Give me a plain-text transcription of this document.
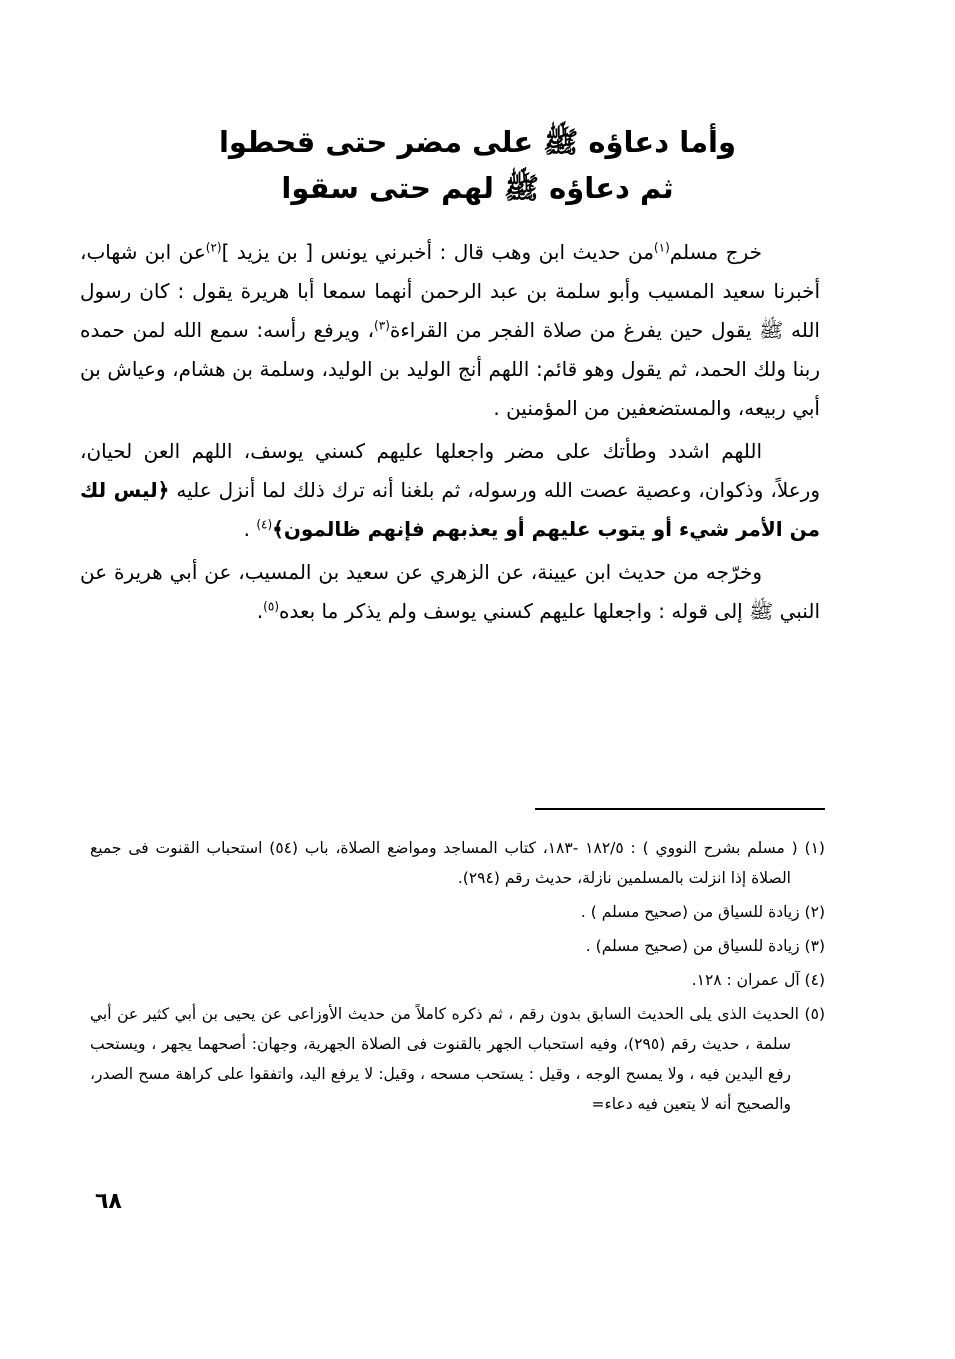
وأما دعاؤه ﷺ على مضر حتى قحطوا
ثم دعاؤه ﷺ لهم حتى سقوا

خرج مسلم$^{(١)}$من حديث ابن وهب قال : أخبرني يونس [ بن يزيد ]$^{(٢)}$عن ابن شهاب، أخبرنا سعيد المسيب وأبو سلمة بن عبد الرحمن أنهما سمعا أبا هريرة يقول : كان رسول الله ﷺ يقول حين يفرغ من صلاة الفجر من القراءة$^{(٣)}$، ويرفع رأسه: سمع الله لمن حمده ربنا ولك الحمد، ثم يقول وهو قائم: اللهم أنج الوليد بن الوليد، وسلمة بن هشام، وعياش بن أبي ربيعه، والمستضعفين من المؤمنين .

اللهم اشدد وطأتك على مضر واجعلها عليهم كسني يوسف، اللهم العن لحيان، ورعلاً، وذكوان، وعصية عصت الله ورسوله، ثم بلغنا أنه ترك ذلك لما أنزل عليه ﴿ليس لك من الأمر شيء أو يتوب عليهم أو يعذبهم فإنهم ظالمون﴾$^{(٤)}$ .

وخرّجه من حديث ابن عيينة، عن الزهري عن سعيد بن المسيب، عن أبي هريرة عن النبي ﷺ إلى قوله : واجعلها عليهم كسني يوسف ولم يذكر ما بعده$^{(٥)}$.

(١) ( مسلم بشرح النووي ) : ١٨٢/٥ -١٨٣، كتاب المساجد ومواضع الصلاة، باب (٥٤) استحباب القنوت فى جميع الصلاة إذا انزلت بالمسلمين نازلة، حديث رقم (٢٩٤).

(٢) زيادة للسياق من (صحيح مسلم ) .

(٣) زيادة للسياق من (صحيح مسلم) .

(٤) آل عمران : ١٢٨.

(٥) الحديث الذى يلى الحديث السابق بدون رقم ، ثم ذكره كاملاً من حديث الأوزاعى عن يحيى بن أبي كثير عن أبي سلمة ، حديث رقم (٢٩٥)، وفيه استحباب الجهر بالقنوت فى الصلاة الجهرية، وجهان: أصحهما يجهر ، ويستحب رفع اليدين فيه ، ولا يمسح الوجه ، وقيل : يستحب مسحه ، وقيل: لا يرفع اليد، واتفقوا على كراهة مسح الصدر، والصحيح أنه لا يتعين فيه دعاء=

٦٨
